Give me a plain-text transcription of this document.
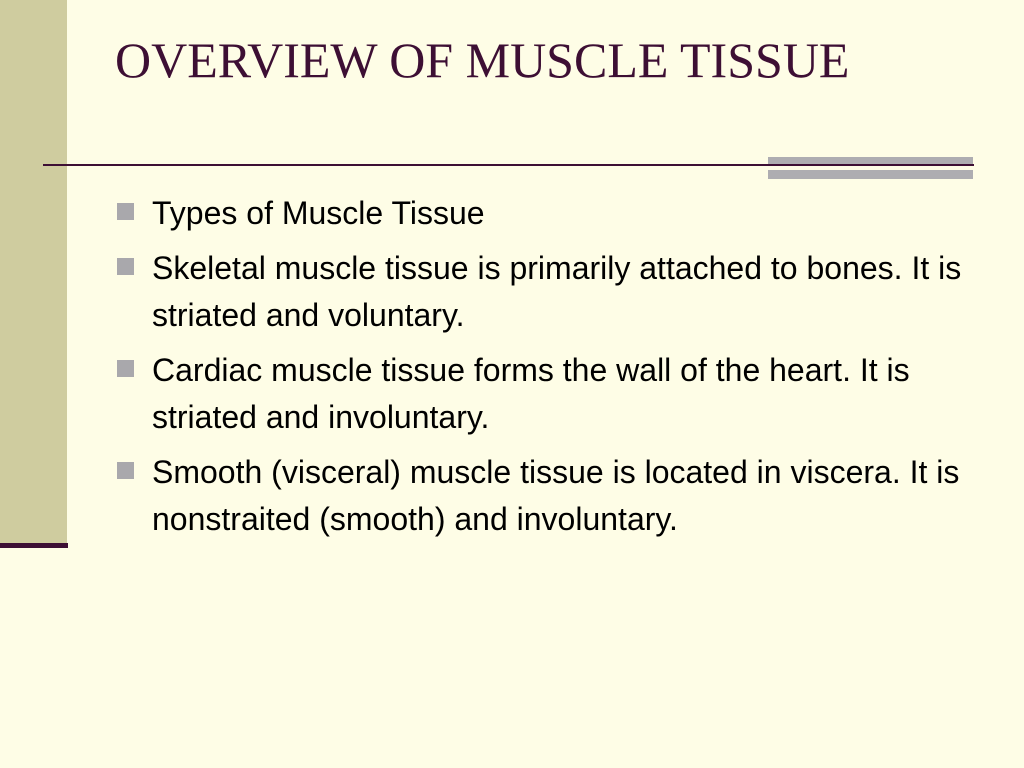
OVERVIEW OF MUSCLE TISSUE
Types of Muscle Tissue
Skeletal muscle tissue is primarily attached to bones. It is striated and voluntary.
Cardiac muscle tissue forms the wall of the heart. It is striated and involuntary.
Smooth (visceral) muscle tissue is located in viscera. It is nonstraited (smooth) and involuntary.
